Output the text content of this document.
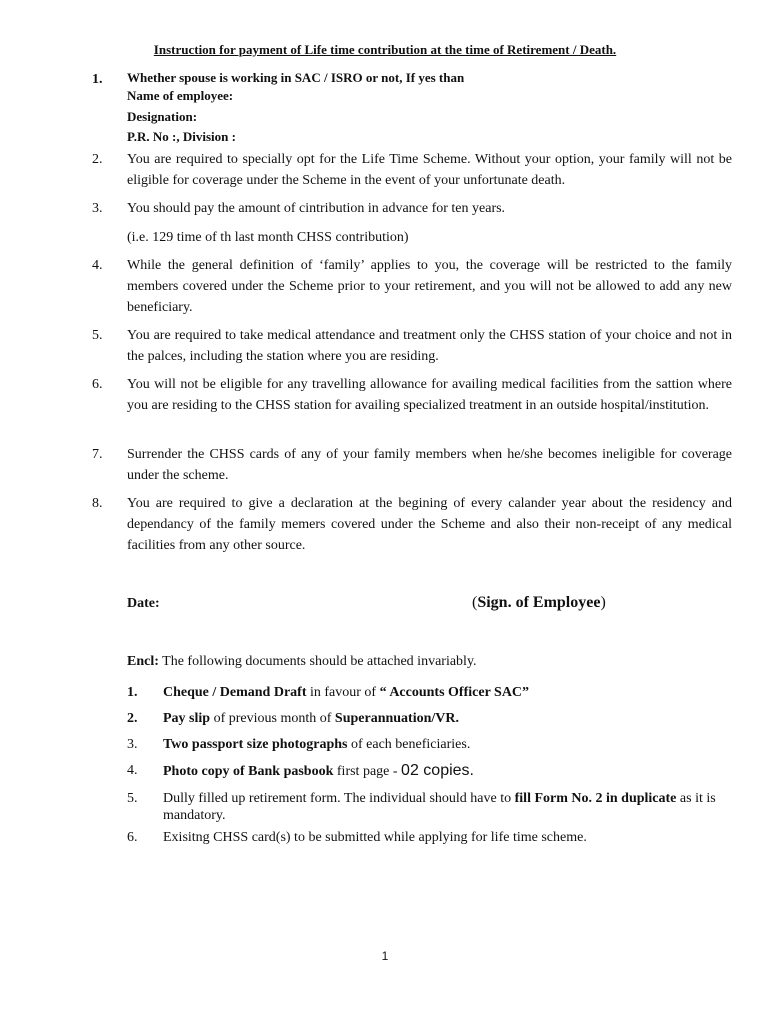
Instruction for payment of Life time contribution at the time of Retirement / Death.
1. Whether spouse is working in SAC / ISRO or not, If yes than
Name of employee:
Designation:
P.R. No :, Division :
2. You are required to specially opt for the Life Time Scheme. Without your option, your family will not be eligible for coverage under the Scheme in the event of your unfortunate death.
3. You should pay the amount of cintribution in advance for ten years.
(i.e. 129 time of th last month CHSS contribution)
4. While the general definition of ‘family’ applies to you, the coverage will be restricted to the family members covered under the Scheme prior to your retirement, and you will not be allowed to add any new beneficiary.
5. You are required to take medical attendance and treatment only the CHSS station of your choice and not in the palces, including the station where you are residing.
6. You will not be eligible for any travelling allowance for availing medical facilities from the sattion where you are residing to the CHSS station for availing specialized treatment in an outside hospital/institution.
7. Surrender the CHSS cards of any of your family members when he/she becomes ineligible for coverage under the scheme.
8. You are required to give a declaration at the begining of every calander year about the residency and dependancy of the family memers covered under the Scheme and also their non-receipt of any medical facilities from any other source.
Date:	(Sign. of Employee)
Encl: The following documents should be attached invariably.
1. Cheque / Demand Draft in favour of “ Accounts Officer SAC”
2. Pay slip of previous month of Superannuation/VR.
3. Two passport size photographs of each beneficiaries.
4. Photo copy of Bank pasbook first page - 02 copies.
5. Dully filled up retirement form. The individual should have to fill Form No. 2 in duplicate as it is mandatory.
6. Exisitng CHSS card(s) to be submitted while applying for life time scheme.
1
